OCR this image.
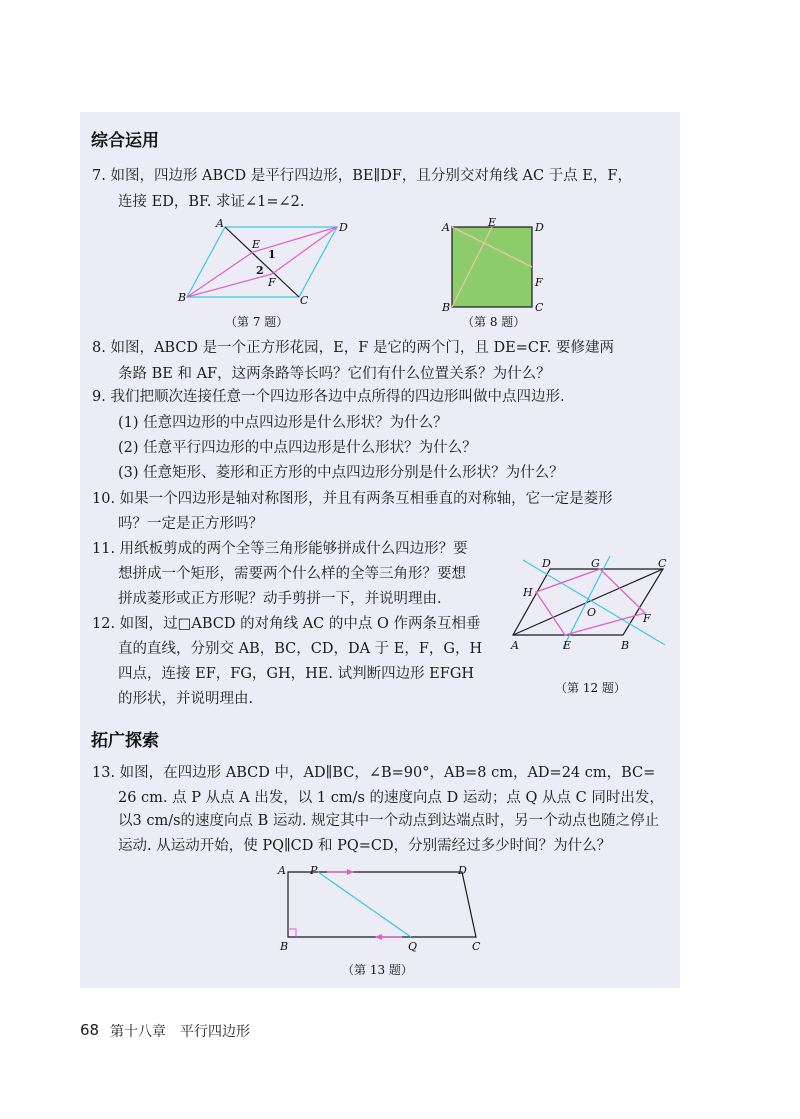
综合运用
7. 如图，四边形 ABCD 是平行四边形，BE∥DF，且分别交对角线 AC 于点 E，F，
连接 ED，BF. 求证∠1=∠2.
A	D
B	C
E
F
1
2
（第 7 题）
A	E	D
F
B	C
（第 8 题）
8. 如图，ABCD 是一个正方形花园，E，F 是它的两个门，且 DE=CF. 要修建两
条路 BE 和 AF，这两条路等长吗？它们有什么位置关系？为什么？
9. 我们把顺次连接任意一个四边形各边中点所得的四边形叫做中点四边形.
(1) 任意四边形的中点四边形是什么形状？为什么？
(2) 任意平行四边形的中点四边形是什么形状？为什么？
(3) 任意矩形、菱形和正方形的中点四边形分别是什么形状？为什么？
10. 如果一个四边形是轴对称图形，并且有两条互相垂直的对称轴，它一定是菱形
吗？一定是正方形吗？
11. 用纸板剪成的两个全等三角形能够拼成什么四边形？要
想拼成一个矩形，需要两个什么样的全等三角形？要想
拼成菱形或正方形呢？动手剪拼一下，并说明理由.
12. 如图，过□ABCD 的对角线 AC 的中点 O 作两条互相垂
直的直线，分别交 AB，BC，CD，DA 于 E，F，G，H
四点，连接 EF，FG，GH，HE. 试判断四边形 EFGH
的形状，并说明理由.
D	G	C
H
O	F
A	E	B
（第 12 题）
拓广探索
13. 如图，在四边形 ABCD 中，AD∥BC，∠B=90°，AB=8 cm，AD=24 cm，BC=
26 cm. 点 P 从点 A 出发，以 1 cm/s 的速度向点 D 运动；点 Q 从点 C 同时出发，
以3 cm/s的速度向点 B 运动. 规定其中一个动点到达端点时，另一个动点也随之停止
运动. 从运动开始，使 PQ∥CD 和 PQ=CD，分别需经过多少时间？为什么？
A P	D
B	Q	C
（第 13 题）
68 第十八章　平行四边形
